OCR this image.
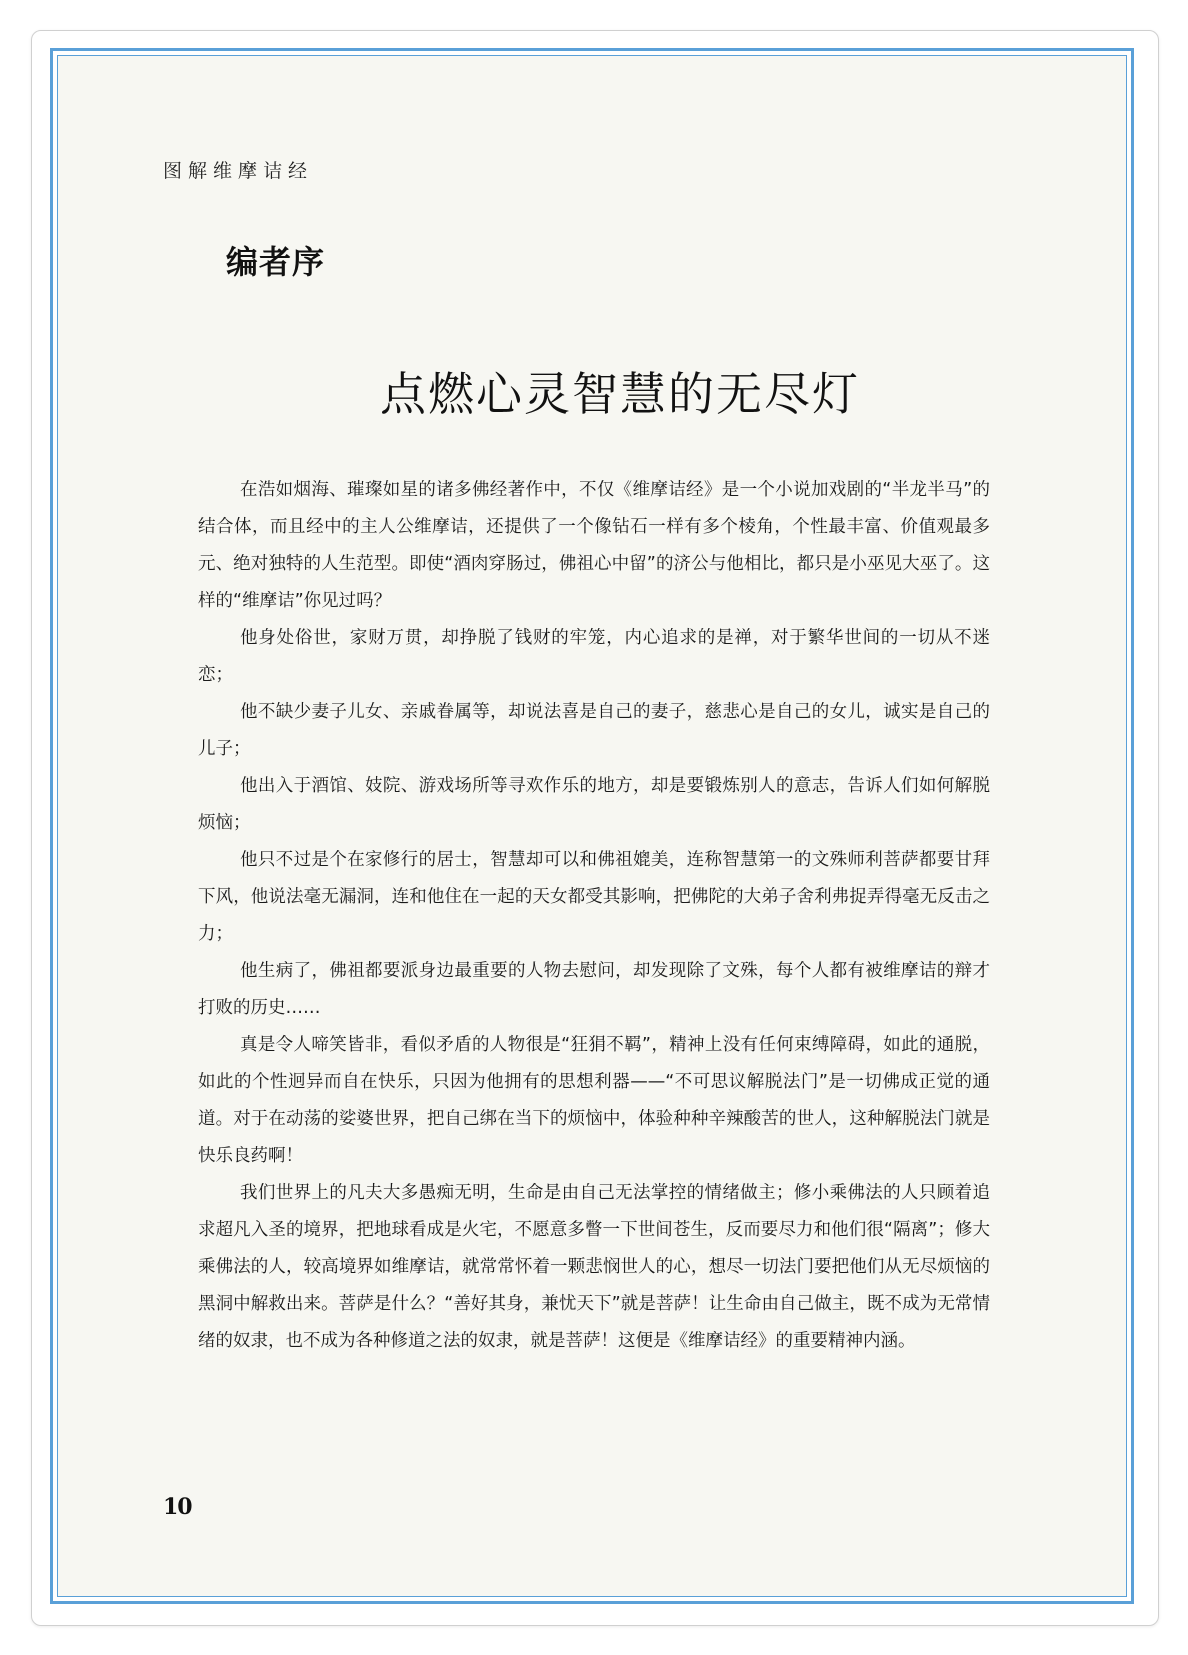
图解维摩诘经
编者序
点燃心灵智慧的无尽灯

在浩如烟海、璀璨如星的诸多佛经著作中，不仅《维摩诘经》是一个小说加戏剧的“半龙半马”的结合体，而且经中的主人公维摩诘，还提供了一个像钻石一样有多个棱角，个性最丰富、价值观最多元、绝对独特的人生范型。即使“酒肉穿肠过，佛祖心中留”的济公与他相比，都只是小巫见大巫了。这样的“维摩诘”你见过吗？

他身处俗世，家财万贯，却挣脱了钱财的牢笼，内心追求的是禅，对于繁华世间的一切从不迷恋；

他不缺少妻子儿女、亲戚眷属等，却说法喜是自己的妻子，慈悲心是自己的女儿，诚实是自己的儿子；

他出入于酒馆、妓院、游戏场所等寻欢作乐的地方，却是要锻炼别人的意志，告诉人们如何解脱烦恼；

他只不过是个在家修行的居士，智慧却可以和佛祖媲美，连称智慧第一的文殊师利菩萨都要甘拜下风，他说法毫无漏洞，连和他住在一起的天女都受其影响，把佛陀的大弟子舍利弗捉弄得毫无反击之力；

他生病了，佛祖都要派身边最重要的人物去慰问，却发现除了文殊，每个人都有被维摩诘的辩才打败的历史……

真是令人啼笑皆非，看似矛盾的人物很是“狂狷不羁”，精神上没有任何束缚障碍，如此的通脱，如此的个性迥异而自在快乐，只因为他拥有的思想利器——“不可思议解脱法门”是一切佛成正觉的通道。对于在动荡的娑婆世界，把自己绑在当下的烦恼中，体验种种辛辣酸苦的世人，这种解脱法门就是快乐良药啊！

我们世界上的凡夫大多愚痴无明，生命是由自己无法掌控的情绪做主；修小乘佛法的人只顾着追求超凡入圣的境界，把地球看成是火宅，不愿意多瞥一下世间苍生，反而要尽力和他们很“隔离”；修大乘佛法的人，较高境界如维摩诘，就常常怀着一颗悲悯世人的心，想尽一切法门要把他们从无尽烦恼的黑洞中解救出来。菩萨是什么？“善好其身，兼忧天下”就是菩萨！让生命由自己做主，既不成为无常情绪的奴隶，也不成为各种修道之法的奴隶，就是菩萨！这便是《维摩诘经》的重要精神内涵。

10
